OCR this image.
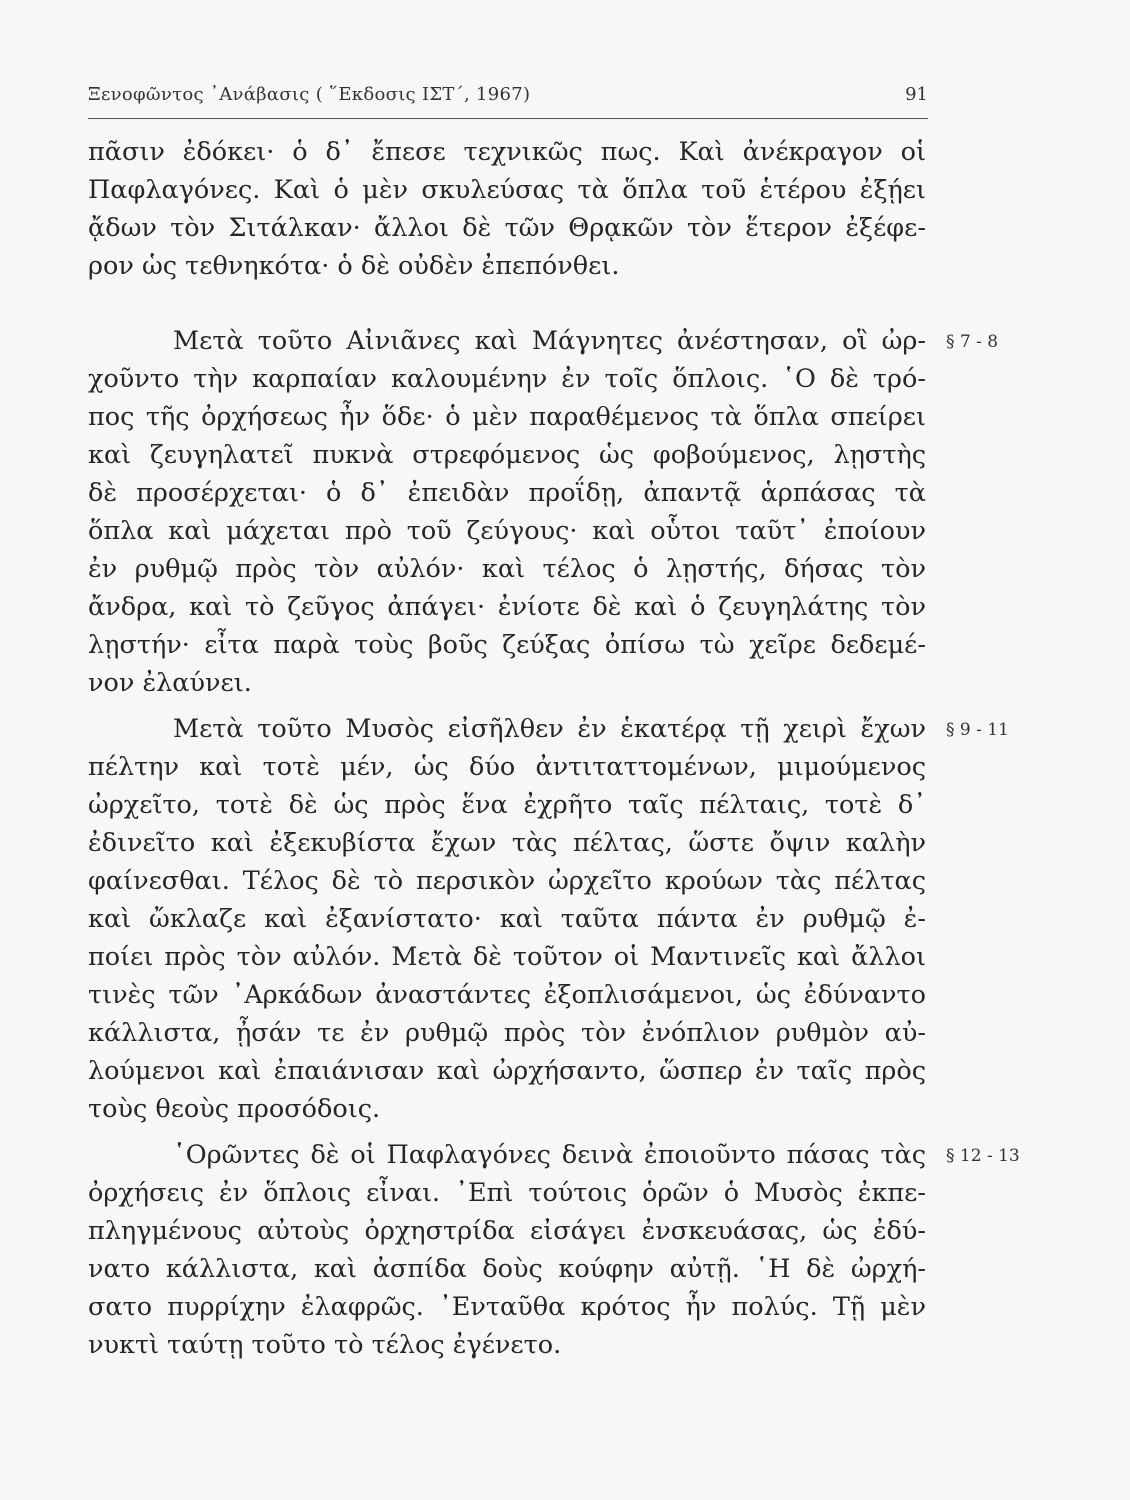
Ξενοφῶντος ᾿Ανάβασις ( ῞Εκδοσις ΙΣΤ΄, 1967)	91
πᾶσιν ἐδόκει· ὁ δ᾿ ἔπεσε τεχνικῶς πως. Καὶ ἀνέκραγον οἱ
Παφλαγόνες. Καὶ ὁ μὲν σκυλεύσας τὰ ὅπλα τοῦ ἑτέρου ἐξῄει
ᾄδων τὸν Σιτάλκαν· ἄλλοι δὲ τῶν Θρᾳκῶν τὸν ἕτερον ἐξέφε-
ρον ὡς τεθνηκότα· ὁ δὲ οὐδὲν ἐπεπόνθει.
Μετὰ τοῦτο Αἰνιᾶνες καὶ Μάγνητες ἀνέστησαν, οἳ ὠρ-
χοῦντο τὴν καρπαίαν καλουμένην ἐν τοῖς ὅπλοις. ῾Ο δὲ τρό-
πος τῆς ὀρχήσεως ἦν ὅδε· ὁ μὲν παραθέμενος τὰ ὅπλα σπείρει
καὶ ζευγηλατεῖ πυκνὰ στρεφόμενος ὡς φοβούμενος, λῃστὴς
δὲ προσέρχεται· ὁ δ᾿ ἐπειδὰν προΐδῃ, ἀπαντᾷ ἁρπάσας τὰ
ὅπλα καὶ μάχεται πρὸ τοῦ ζεύγους· καὶ οὗτοι ταῦτ᾿ ἐποίουν
ἐν ρυθμῷ πρὸς τὸν αὐλόν· καὶ τέλος ὁ λῃστής, δήσας τὸν
ἄνδρα, καὶ τὸ ζεῦγος ἀπάγει· ἐνίοτε δὲ καὶ ὁ ζευγηλάτης τὸν
λῃστήν· εἶτα παρὰ τοὺς βοῦς ζεύξας ὀπίσω τὼ χεῖρε δεδεμέ-
νον ἐλαύνει.
Μετὰ τοῦτο Μυσὸς εἰσῆλθεν ἐν ἑκατέρᾳ τῇ χειρὶ ἔχων
πέλτην καὶ τοτὲ μέν, ὡς δύο ἀντιταττομένων, μιμούμενος
ὠρχεῖτο, τοτὲ δὲ ὡς πρὸς ἕνα ἐχρῆτο ταῖς πέλταις, τοτὲ δ᾿
ἐδινεῖτο καὶ ἐξεκυβίστα ἔχων τὰς πέλτας, ὥστε ὄψιν καλὴν
φαίνεσθαι. Τέλος δὲ τὸ περσικὸν ὠρχεῖτο κρούων τὰς πέλτας
καὶ ὤκλαζε καὶ ἐξανίστατο· καὶ ταῦτα πάντα ἐν ρυθμῷ ἐ-
ποίει πρὸς τὸν αὐλόν. Μετὰ δὲ τοῦτον οἱ Μαντινεῖς καὶ ἄλλοι
τινὲς τῶν ᾿Αρκάδων ἀναστάντες ἐξοπλισάμενοι, ὡς ἐδύναντο
κάλλιστα, ᾖσάν τε ἐν ρυθμῷ πρὸς τὸν ἐνόπλιον ρυθμὸν αὐ-
λούμενοι καὶ ἐπαιάνισαν καὶ ὠρχήσαντο, ὥσπερ ἐν ταῖς πρὸς
τοὺς θεοὺς προσόδοις.
῾Ορῶντες δὲ οἱ Παφλαγόνες δεινὰ ἐποιοῦντο πάσας τὰς
ὀρχήσεις ἐν ὅπλοις εἶναι. ᾿Επὶ τούτοις ὁρῶν ὁ Μυσὸς ἐκπε-
πληγμένους αὐτοὺς ὀρχηστρίδα εἰσάγει ἐνσκευάσας, ὡς ἐδύ-
νατο κάλλιστα, καὶ ἀσπίδα δοὺς κούφην αὐτῇ. ῾Η δὲ ὠρχή-
σατο πυρρίχην ἐλαφρῶς. ᾿Ενταῦθα κρότος ἦν πολύς. Τῇ μὲν
νυκτὶ ταύτῃ τοῦτο τὸ τέλος ἐγένετο.
§ 7 - 8
§ 9 - 11
§ 12 - 13
